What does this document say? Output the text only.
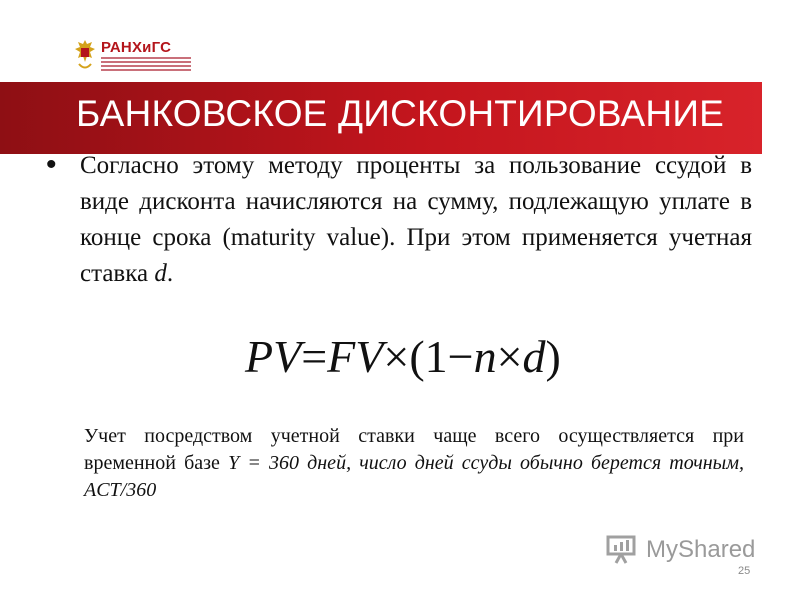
РАНХиГС
БАНКОВСКОЕ ДИСКОНТИРОВАНИЕ
• Согласно этому методу проценты за пользование ссудой в виде дисконта начисляются на сумму, подлежащую уплате в конце срока (maturity value). При этом применяется учетная ставка d.
PV=FV×(1−n×d)
Учет посредством учетной ставки чаще всего осуществляется при временной базе Y = 360 дней, число дней ссуды обычно берется точным, ACT/360
MyShared
25
